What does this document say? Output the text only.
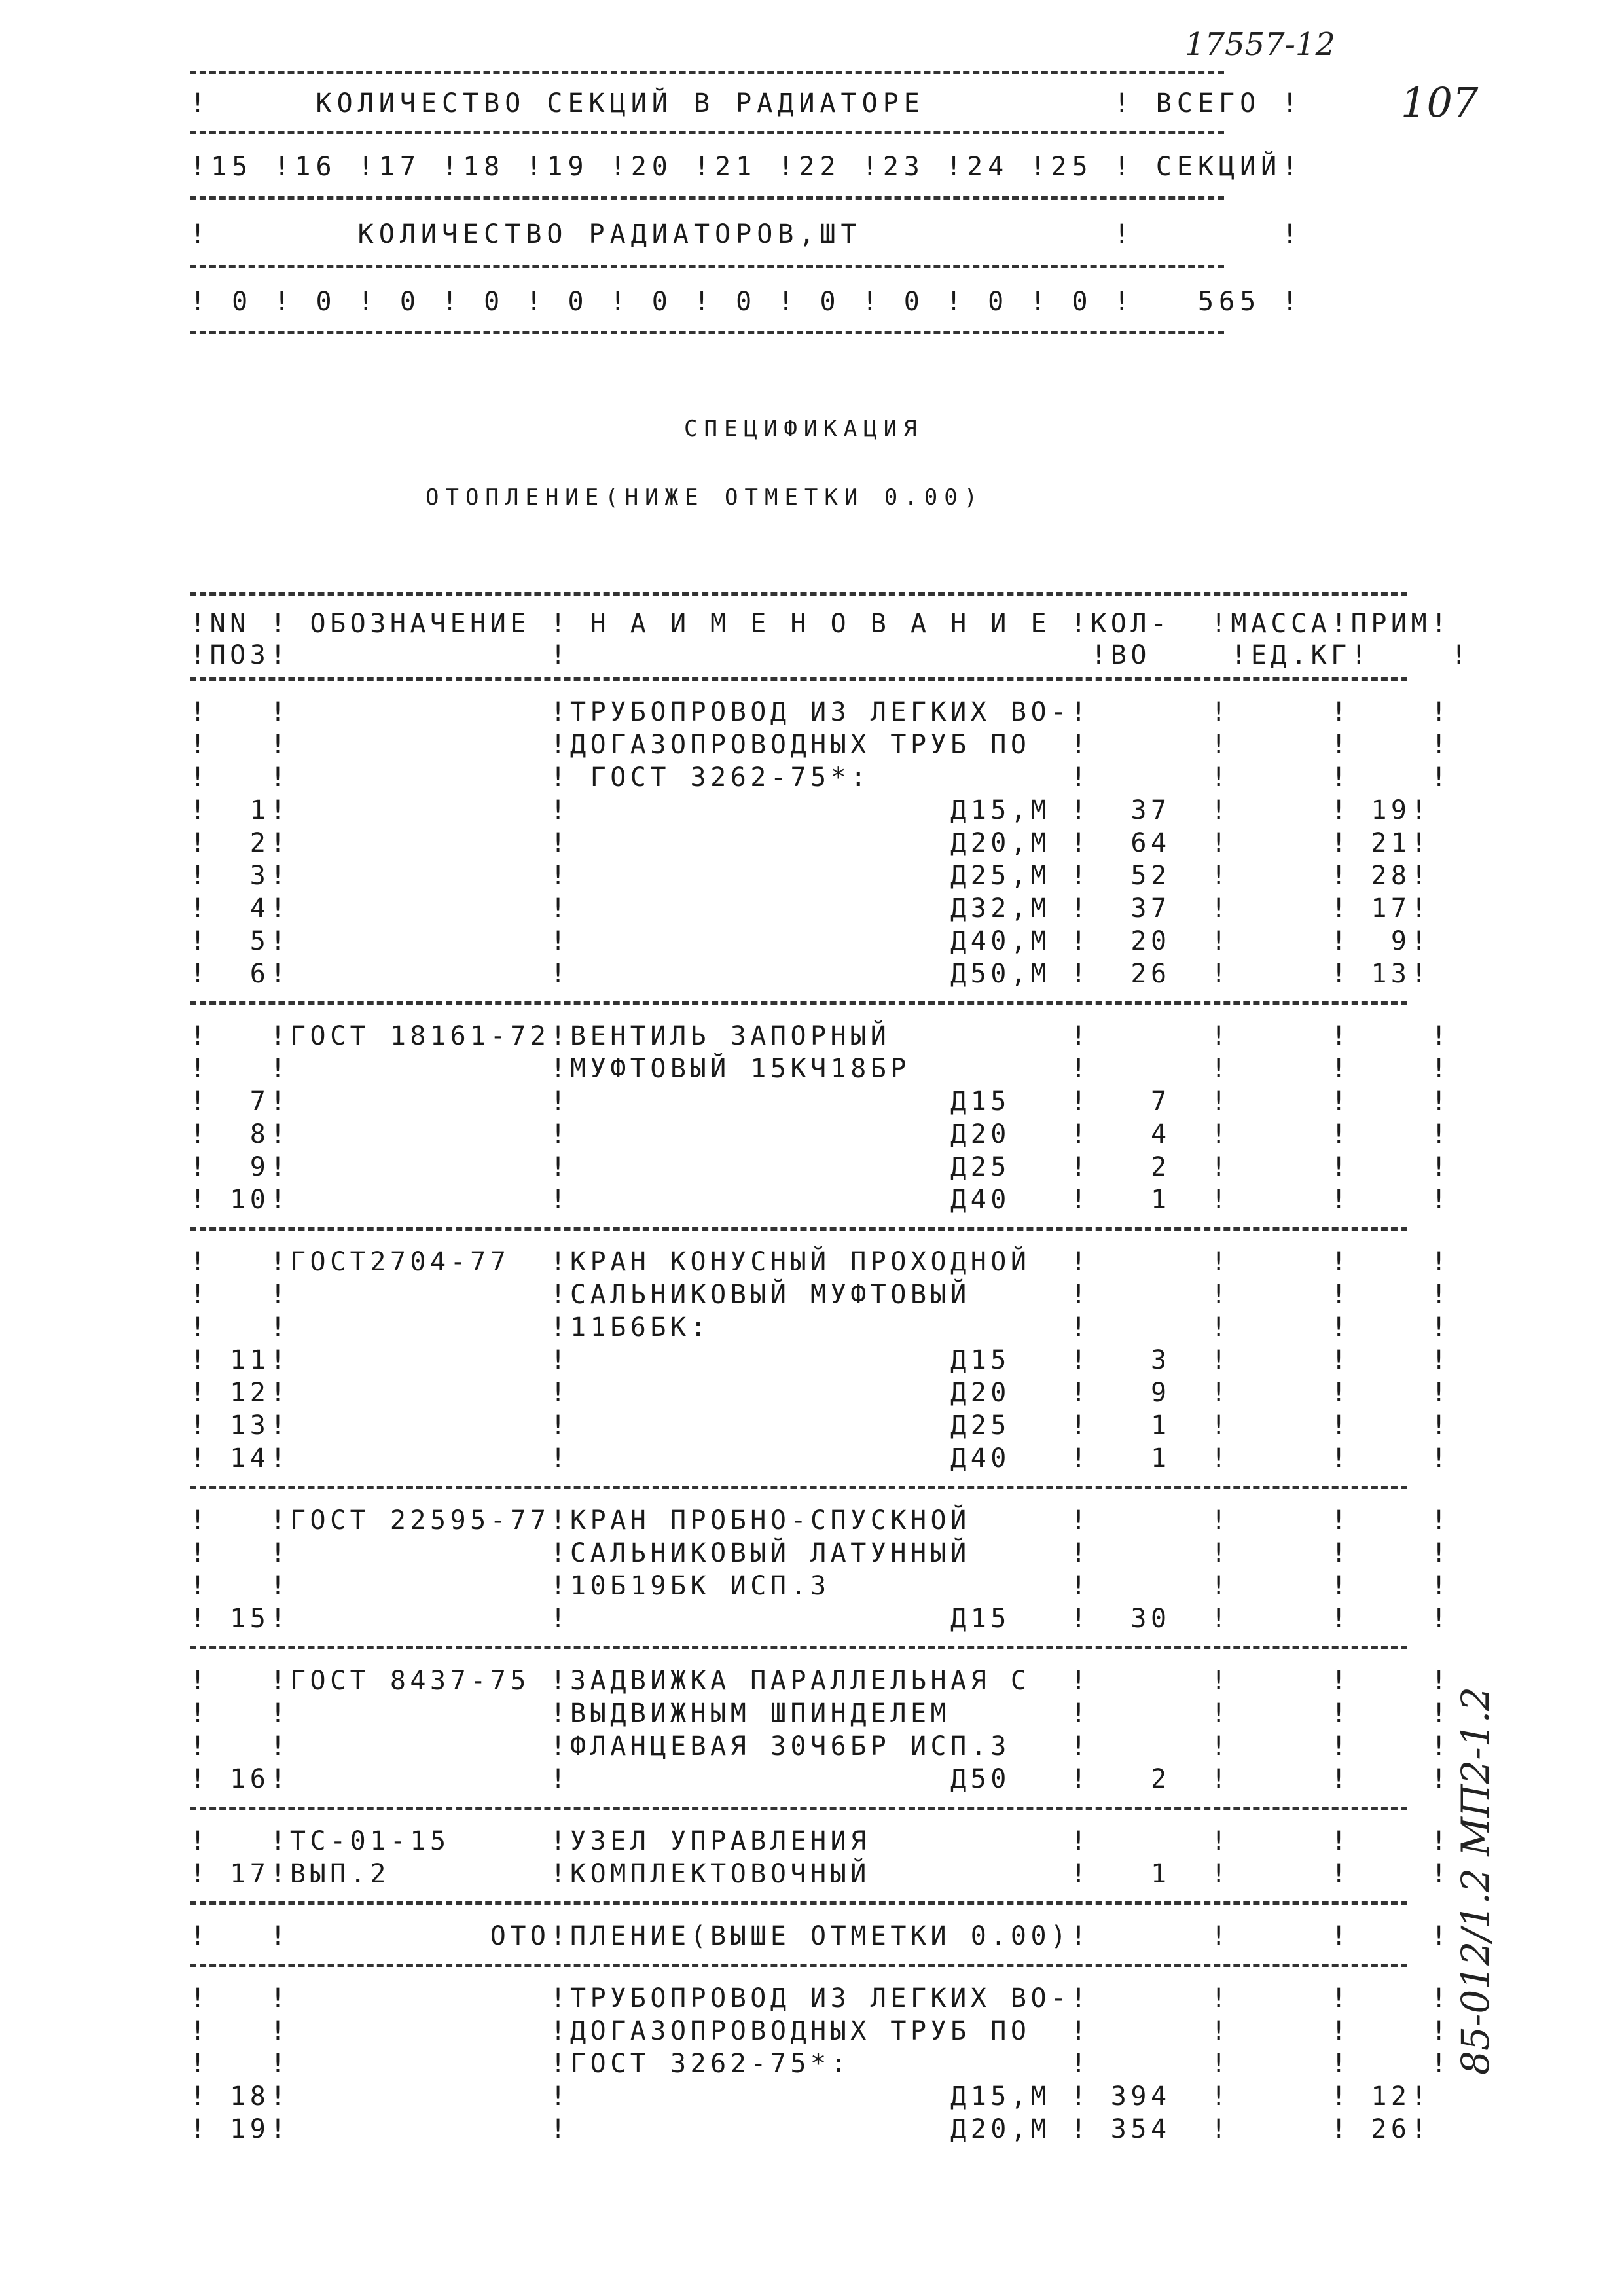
17557-12
107
85-012/1.2 МП2-1.2
!     КОЛИЧЕСТВО СЕКЦИЙ В РАДИАТОРЕ         ! ВСЕГО !
!15 !16 !17 !18 !19 !20 !21 !22 !23 !24 !25 ! СЕКЦИЙ!
!       КОЛИЧЕСТВО РАДИАТОРОВ,ШТ            !       !
! 0 ! 0 ! 0 ! 0 ! 0 ! 0 ! 0 ! 0 ! 0 ! 0 ! 0 !   565 !
СПЕЦИФИКАЦИЯ
ОТОПЛЕНИЕ(НИЖЕ ОТМЕТКИ 0.00)
!NN ! ОБОЗНАЧЕНИЕ ! Н А И М Е Н О В А Н И Е !КОЛ-  !МАССА!ПРИМ!
!ПОЗ!             !                          !ВО    !ЕД.КГ!    !
!   !             !ТРУБОПРОВОД ИЗ ЛЕГКИХ ВО-!      !     !    !
!   !             !ДОГАЗОПРОВОДНЫХ ТРУБ ПО  !      !     !    !
!   !             ! ГОСТ 3262-75*:          !      !     !    !
!  1!             !                   Д15,М !  37  !     ! 19!
!  2!             !                   Д20,М !  64  !     ! 21!
!  3!             !                   Д25,М !  52  !     ! 28!
!  4!             !                   Д32,М !  37  !     ! 17!
!  5!             !                   Д40,М !  20  !     !  9!
!  6!             !                   Д50,М !  26  !     ! 13!
!   !ГОСТ 18161-72!ВЕНТИЛЬ ЗАПОРНЫЙ         !      !     !    !
!   !             !МУФТОВЫЙ 15КЧ18БР        !      !     !    !
!  7!             !                   Д15   !   7  !     !    !
!  8!             !                   Д20   !   4  !     !    !
!  9!             !                   Д25   !   2  !     !    !
! 10!             !                   Д40   !   1  !     !    !
!   !ГОСТ2704-77  !КРАН КОНУСНЫЙ ПРОХОДНОЙ  !      !     !    !
!   !             !САЛЬНИКОВЫЙ МУФТОВЫЙ     !      !     !    !
!   !             !11Б6БК:                  !      !     !    !
! 11!             !                   Д15   !   3  !     !    !
! 12!             !                   Д20   !   9  !     !    !
! 13!             !                   Д25   !   1  !     !    !
! 14!             !                   Д40   !   1  !     !    !
!   !ГОСТ 22595-77!КРАН ПРОБНО-СПУСКНОЙ     !      !     !    !
!   !             !САЛЬНИКОВЫЙ ЛАТУННЫЙ     !      !     !    !
!   !             !10Б19БК ИСП.3            !      !     !    !
! 15!             !                   Д15   !  30  !     !    !
!   !ГОСТ 8437-75 !ЗАДВИЖКА ПАРАЛЛЕЛЬНАЯ С  !      !     !    !
!   !             !ВЫДВИЖНЫМ ШПИНДЕЛЕМ      !      !     !    !
!   !             !ФЛАНЦЕВАЯ 30Ч6БР ИСП.3   !      !     !    !
! 16!             !                   Д50   !   2  !     !    !
!   !ТС-01-15     !УЗЕЛ УПРАВЛЕНИЯ          !      !     !    !
! 17!ВЫП.2        !КОМПЛЕКТОВОЧНЫЙ          !   1  !     !    !
!   !          ОТО!ПЛЕНИЕ(ВЫШЕ ОТМЕТКИ 0.00)!      !     !    !
!   !             !ТРУБОПРОВОД ИЗ ЛЕГКИХ ВО-!      !     !    !
!   !             !ДОГАЗОПРОВОДНЫХ ТРУБ ПО  !      !     !    !
!   !             !ГОСТ 3262-75*:           !      !     !    !
! 18!             !                   Д15,М ! 394  !     ! 12!
! 19!             !                   Д20,М ! 354  !     ! 26!
